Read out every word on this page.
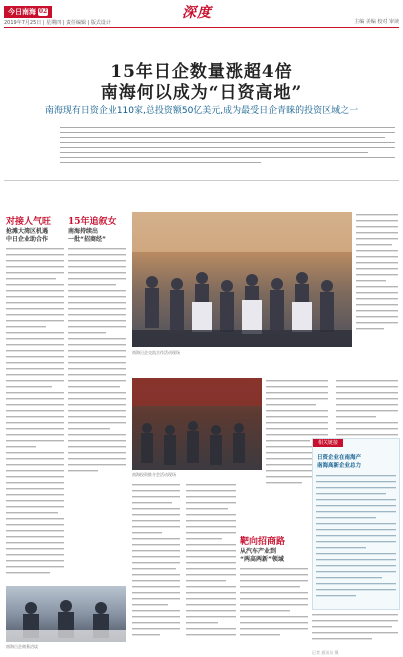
今日南海 02	深度
2019年7月25日 | 星期四 | 责任编辑 | 版式设计	主编 美编 校对 审读
15年日企数量涨超4倍
南海何以成为“日资高地”
南海现有日资企业110家,总投资额50亿美元,成为最受日企青睐的投资区域之一
对接人气旺
抢滩大湾区机遇
中日企业助合作
15年追叙女
南海持续出
一批“招商经”
南海日企交流合作活动现场
南海投资推介会活动现场
相关链接
日资企业在南海产
南海高新企业总力
靶向招商路
从汽车产业到
“两高两新”领域
南海日企商务洽谈
记者 通讯员 摄
